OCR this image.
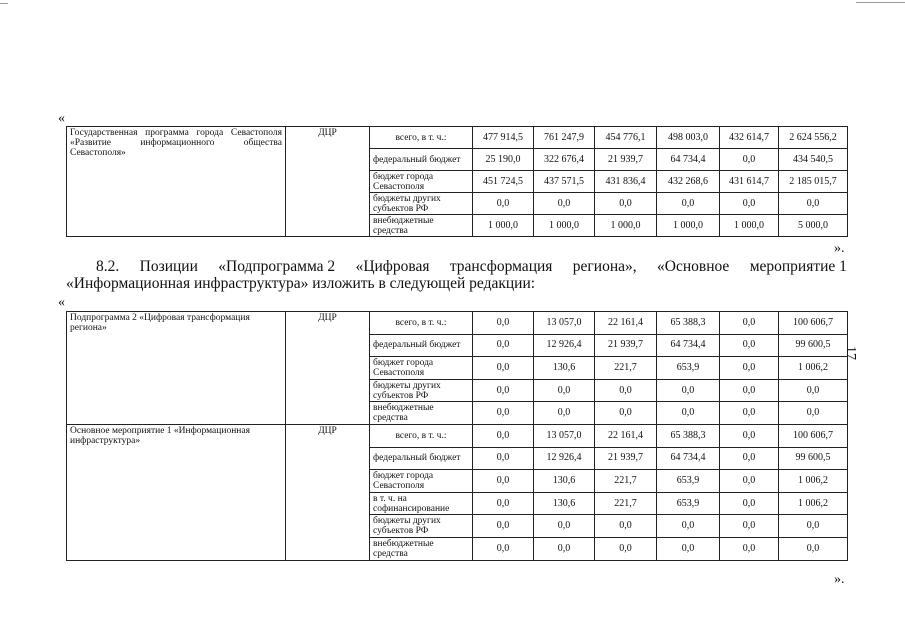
«
Государственная программа города Севастополя «Развитие информационного общества Севастополя»	ДЦР	всего, в т. ч.:	477 914,5	761 247,9	454 776,1	498 003,0	432 614,7	2 624 556,2
		федеральный бюджет	25 190,0	322 676,4	21 939,7	64 734,4	0,0	434 540,5
		бюджет города Севастополя	451 724,5	437 571,5	431 836,4	432 268,6	431 614,7	2 185 015,7
		бюджеты других субъектов РФ	0,0	0,0	0,0	0,0	0,0	0,0
		внебюджетные средства	1 000,0	1 000,0	1 000,0	1 000,0	1 000,0	5 000,0
».
8.2. Позиции «Подпрограмма 2 «Цифровая трансформация региона», «Основное мероприятие 1
«Информационная инфраструктура» изложить в следующей редакции:
«
Подпрограмма 2 «Цифровая трансформация региона»	ДЦР	всего, в т. ч.:	0,0	13 057,0	22 161,4	65 388,3	0,0	100 606,7
		федеральный бюджет	0,0	12 926,4	21 939,7	64 734,4	0,0	99 600,5
		бюджет города Севастополя	0,0	130,6	221,7	653,9	0,0	1 006,2
		бюджеты других субъектов РФ	0,0	0,0	0,0	0,0	0,0	0,0
		внебюджетные средства	0,0	0,0	0,0	0,0	0,0	0,0
Основное мероприятие 1 «Информационная инфраструктура»	ДЦР	всего, в т. ч.:	0,0	13 057,0	22 161,4	65 388,3	0,0	100 606,7
		федеральный бюджет	0,0	12 926,4	21 939,7	64 734,4	0,0	99 600,5
		бюджет города Севастополя	0,0	130,6	221,7	653,9	0,0	1 006,2
		в т. ч. на софинансирование	0,0	130,6	221,7	653,9	0,0	1 006,2
		бюджеты других субъектов РФ	0,0	0,0	0,0	0,0	0,0	0,0
		внебюджетные средства	0,0	0,0	0,0	0,0	0,0	0,0
».
17
